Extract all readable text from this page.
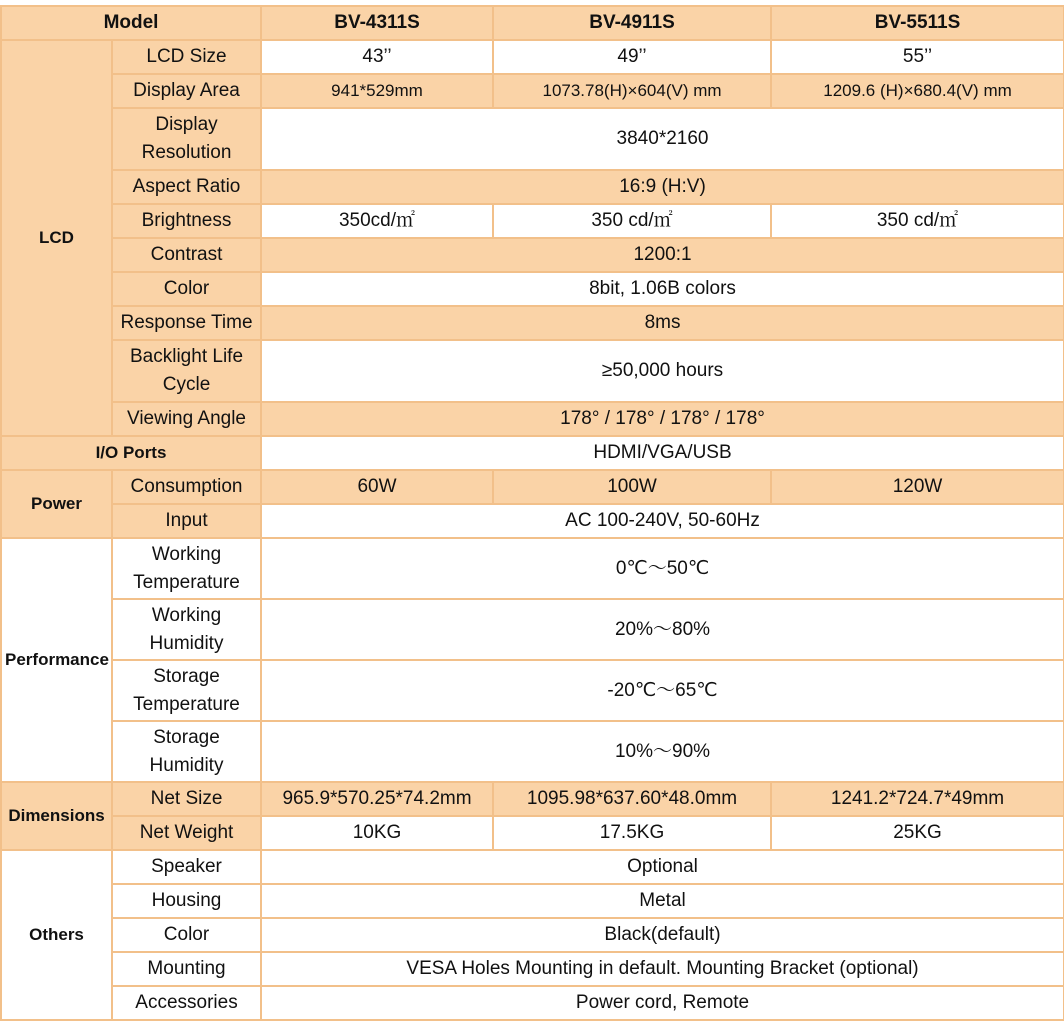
Model		BV-4311S	BV-4911S	BV-5511S
LCD	LCD Size	43’’	49’’	55’’
	Display Area	941*529mm	1073.78(H)×604(V) mm	1209.6 (H)×680.4(V) mm
	Display Resolution	3840*2160		
	Aspect Ratio	16:9 (H:V)		
	Brightness	350cd/㎡	350 cd/㎡	350 cd/㎡
	Contrast	1200:1		
	Color	8bit, 1.06B colors		
	Response Time	8ms		
	Backlight Life Cycle	≥50,000 hours		
	Viewing Angle	178° / 178° / 178° / 178°		
I/O Ports		HDMI/VGA/USB		
Power	Consumption	60W	100W	120W
	Input	AC 100-240V, 50-60Hz		
Performance	Working Temperature	0℃～50℃		
	Working Humidity	20%～80%		
	Storage Temperature	-20℃～65℃		
	Storage Humidity	10%～90%		
Dimensions	Net Size	965.9*570.25*74.2mm	1095.98*637.60*48.0mm	1241.2*724.7*49mm
	Net Weight	10KG	17.5KG	25KG
Others	Speaker	Optional		
	Housing	Metal		
	Color	Black(default)		
	Mounting	VESA Holes Mounting in default. Mounting Bracket (optional)		
	Accessories	Power cord, Remote		
